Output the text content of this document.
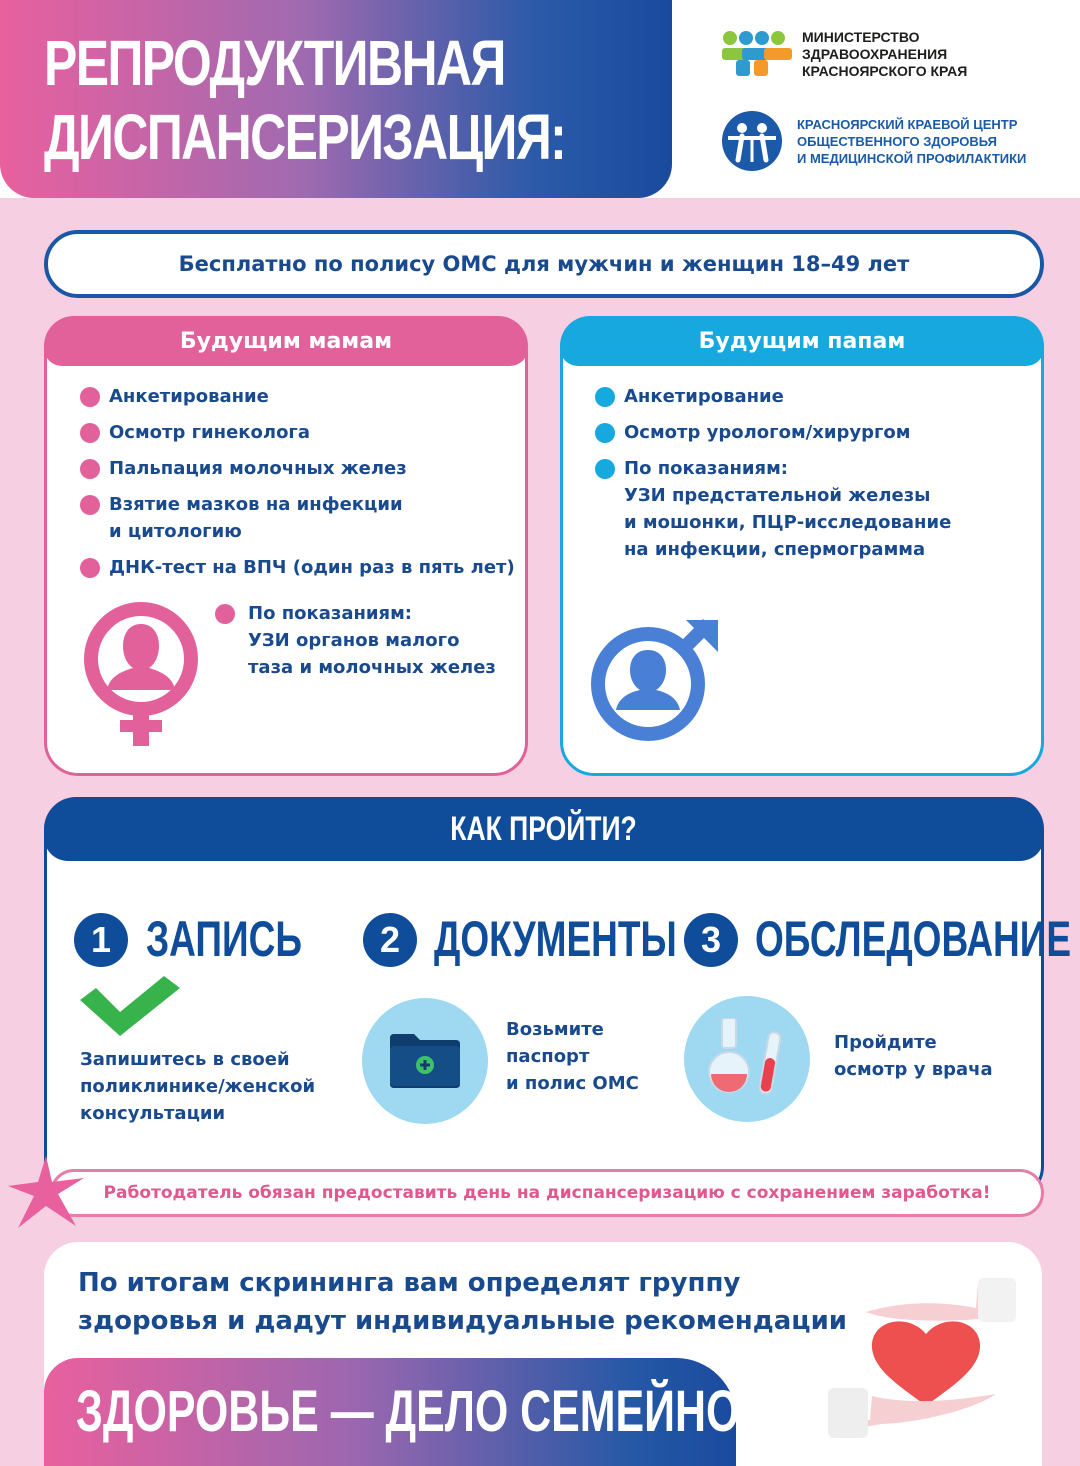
РЕПРОДУКТИВНАЯ
ДИСПАНСЕРИЗАЦИЯ:
МИНИСТЕРСТВО
ЗДРАВООХРАНЕНИЯ
КРАСНОЯРСКОГО КРАЯ
КРАСНОЯРСКИЙ КРАЕВОЙ ЦЕНТР
ОБЩЕСТВЕННОГО ЗДОРОВЬЯ
И МЕДИЦИНСКОЙ ПРОФИЛАКТИКИ
Бесплатно по полису ОМС для мужчин и женщин 18–49 лет
Будущим мамам
Анкетирование
Осмотр гинеколога
Пальпация молочных желез
Взятие мазков на инфекции
и цитологию
ДНК-тест на ВПЧ (один раз в пять лет)
По показаниям:
УЗИ органов малого
таза и молочных желез
Будущим папам
Анкетирование
Осмотр урологом/хирургом
По показаниям:
УЗИ предстательной железы
и мошонки, ПЦР-исследование
на инфекции, спермограмма
КАК ПРОЙТИ?
1 ЗАПИСЬ
Запишитесь в своей
поликлинике/женской
консультации
2 ДОКУМЕНТЫ
Возьмите
паспорт
и полис ОМС
3 ОБСЛЕДОВАНИЕ
Пройдите
осмотр у врача
Работодатель обязан предоставить день на диспансеризацию с сохранением заработка!
По итогам скрининга вам определят группу
здоровья и дадут индивидуальные рекомендации
ЗДОРОВЬЕ — ДЕЛО СЕМЕЙНОЕ
